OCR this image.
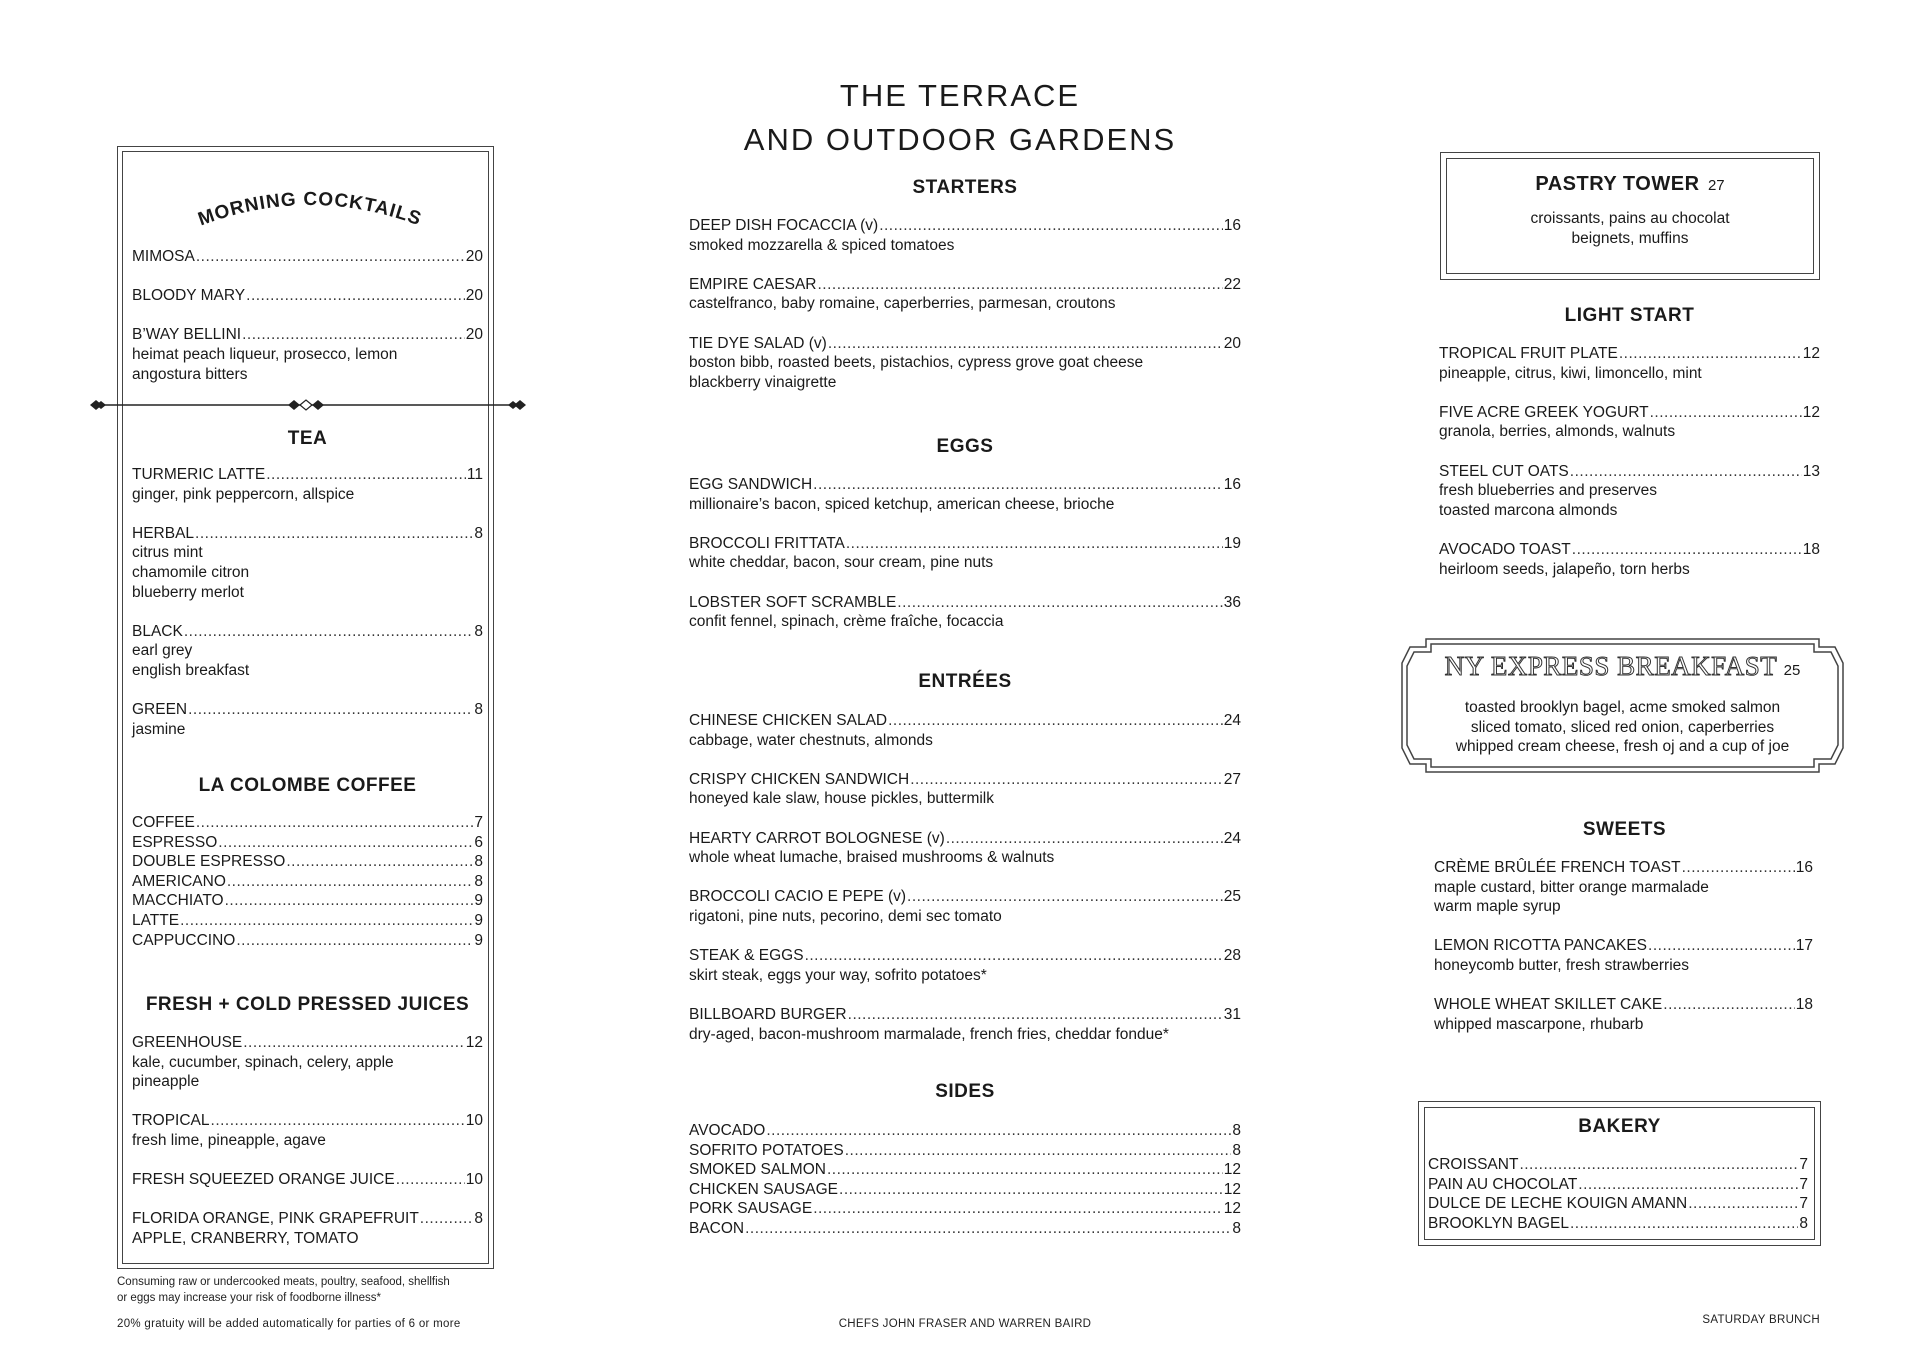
THE TERRACE
AND OUTDOOR GARDENS
MORNING COCKTAILS
MIMOSA .....	20
BLOODY MARY .....	20
B’WAY BELLINI .....	20
heimat peach liqueur, prosecco, lemon
angostura bitters
TEA
TURMERIC LATTE .....	11
ginger, pink peppercorn, allspice
HERBAL .....	8
citrus mint
chamomile citron
blueberry merlot
BLACK .....	8
earl grey
english breakfast
GREEN .....	8
jasmine
LA COLOMBE COFFEE
COFFEE .....	7
ESPRESSO .....	6
DOUBLE ESPRESSO .....	8
AMERICANO .....	8
MACCHIATO .....	9
LATTE .....	9
CAPPUCCINO .....	9
FRESH + COLD PRESSED JUICES
GREENHOUSE .....	12
kale, cucumber, spinach, celery, apple
pineapple
TROPICAL .....	10
fresh lime, pineapple, agave
FRESH SQUEEZED ORANGE JUICE .....	10
FLORIDA ORANGE, PINK GRAPEFRUIT .....	8
APPLE, CRANBERRY, TOMATO
Consuming raw or undercooked meats, poultry, seafood, shellfish
or eggs may increase your risk of foodborne illness*
20% gratuity will be added automatically for parties of 6 or more
STARTERS
DEEP DISH FOCACCIA (v) .....	16
smoked mozzarella & spiced tomatoes
EMPIRE CAESAR .....	22
castelfranco, baby romaine, caperberries, parmesan, croutons
TIE DYE SALAD (v) .....	20
boston bibb, roasted beets, pistachios, cypress grove goat cheese
blackberry vinaigrette
EGGS
EGG SANDWICH .....	16
millionaire’s bacon, spiced ketchup, american cheese, brioche
BROCCOLI FRITTATA .....	19
white cheddar, bacon, sour cream, pine nuts
LOBSTER SOFT SCRAMBLE .....	36
confit fennel, spinach, crème fraîche, focaccia
ENTRÉES
CHINESE CHICKEN SALAD .....	24
cabbage, water chestnuts, almonds
CRISPY CHICKEN SANDWICH .....	27
honeyed kale slaw, house pickles, buttermilk
HEARTY CARROT BOLOGNESE (v) .....	24
whole wheat lumache, braised mushrooms & walnuts
BROCCOLI CACIO E PEPE (v) .....	25
rigatoni, pine nuts, pecorino, demi sec tomato
STEAK & EGGS .....	28
skirt steak, eggs your way, sofrito potatoes*
BILLBOARD BURGER .....	31
dry-aged, bacon-mushroom marmalade, french fries, cheddar fondue*
SIDES
AVOCADO .....	8
SOFRITO POTATOES .....	8
SMOKED SALMON .....	12
CHICKEN SAUSAGE .....	12
PORK SAUSAGE .....	12
BACON .....	8
CHEFS JOHN FRASER AND WARREN BAIRD
PASTRY TOWER 27
croissants, pains au chocolat
beignets, muffins
LIGHT START
TROPICAL FRUIT PLATE .....	12
pineapple, citrus, kiwi, limoncello, mint
FIVE ACRE GREEK YOGURT .....	12
granola, berries, almonds, walnuts
STEEL CUT OATS .....	13
fresh blueberries and preserves
toasted marcona almonds
AVOCADO TOAST .....	18
heirloom seeds, jalapeño, torn herbs
NY EXPRESS BREAKFAST 25
toasted brooklyn bagel, acme smoked salmon
sliced tomato, sliced red onion, caperberries
whipped cream cheese, fresh oj and a cup of joe
SWEETS
CRÈME BRÛLÉE FRENCH TOAST .....	16
maple custard, bitter orange marmalade
warm maple syrup
LEMON RICOTTA PANCAKES .....	17
honeycomb butter, fresh strawberries
WHOLE WHEAT SKILLET CAKE .....	18
whipped mascarpone, rhubarb
BAKERY
CROISSANT .....	7
PAIN AU CHOCOLAT .....	7
DULCE DE LECHE KOUIGN AMANN .....	7
BROOKLYN BAGEL .....	8
SATURDAY BRUNCH
